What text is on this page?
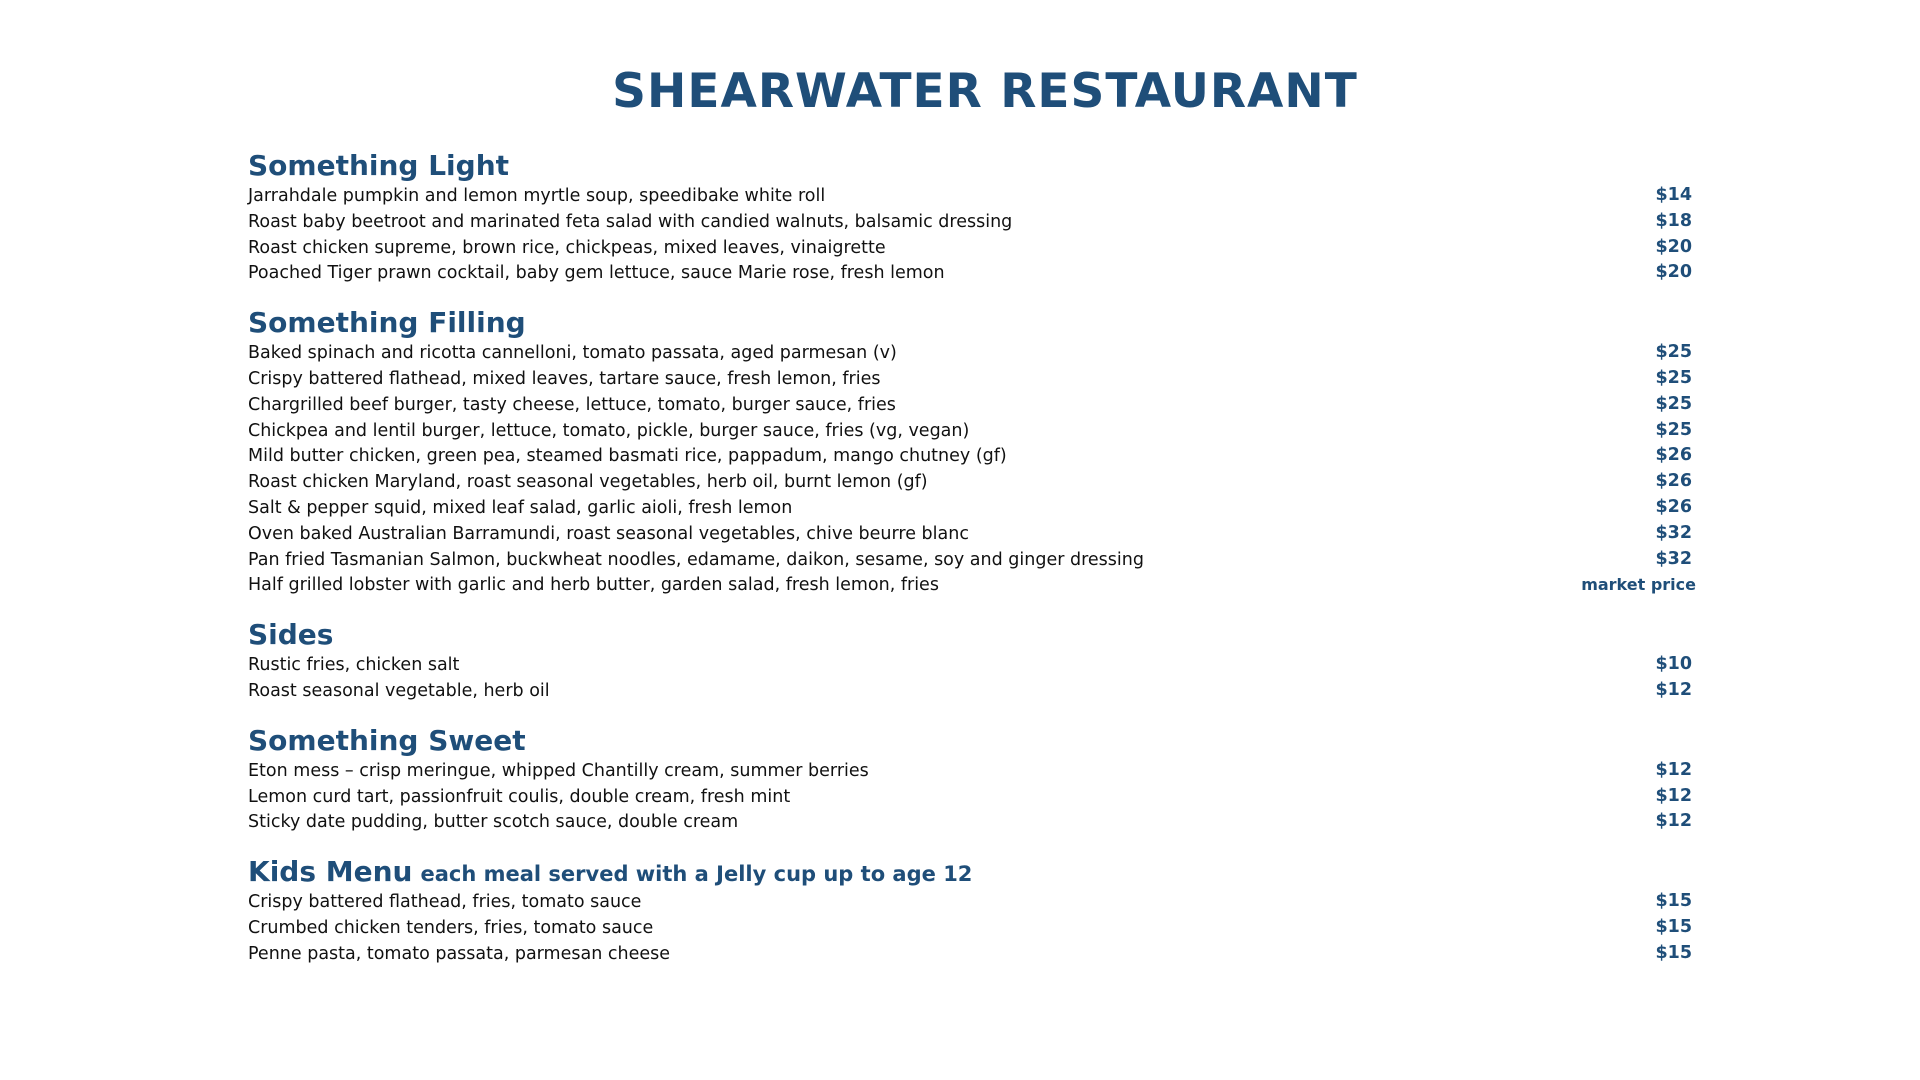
SHEARWATER RESTAURANT
Something Light
Jarrahdale pumpkin and lemon myrtle soup, speedibake white roll	$14
Roast baby beetroot and marinated feta salad with candied walnuts, balsamic dressing	$18
Roast chicken supreme, brown rice, chickpeas, mixed leaves, vinaigrette	$20
Poached Tiger prawn cocktail, baby gem lettuce, sauce Marie rose, fresh lemon	$20
Something Filling
Baked spinach and ricotta cannelloni, tomato passata, aged parmesan (v)	$25
Crispy battered flathead, mixed leaves, tartare sauce, fresh lemon, fries	$25
Chargrilled beef burger, tasty cheese, lettuce, tomato, burger sauce, fries	$25
Chickpea and lentil burger, lettuce, tomato, pickle, burger sauce, fries (vg, vegan)	$25
Mild butter chicken, green pea, steamed basmati rice, pappadum, mango chutney (gf)	$26
Roast chicken Maryland, roast seasonal vegetables, herb oil, burnt lemon (gf)	$26
Salt & pepper squid, mixed leaf salad, garlic aioli, fresh lemon	$26
Oven baked Australian Barramundi, roast seasonal vegetables, chive beurre blanc	$32
Pan fried Tasmanian Salmon, buckwheat noodles, edamame, daikon, sesame, soy and ginger dressing	$32
Half grilled lobster with garlic and herb butter, garden salad, fresh lemon, fries	market price
Sides
Rustic fries, chicken salt	$10
Roast seasonal vegetable, herb oil	$12
Something Sweet
Eton mess – crisp meringue, whipped Chantilly cream, summer berries	$12
Lemon curd tart, passionfruit coulis, double cream, fresh mint	$12
Sticky date pudding, butter scotch sauce, double cream	$12
Kids Menu each meal served with a Jelly cup up to age 12
Crispy battered flathead, fries, tomato sauce	$15
Crumbed chicken tenders, fries, tomato sauce	$15
Penne pasta, tomato passata, parmesan cheese	$15
